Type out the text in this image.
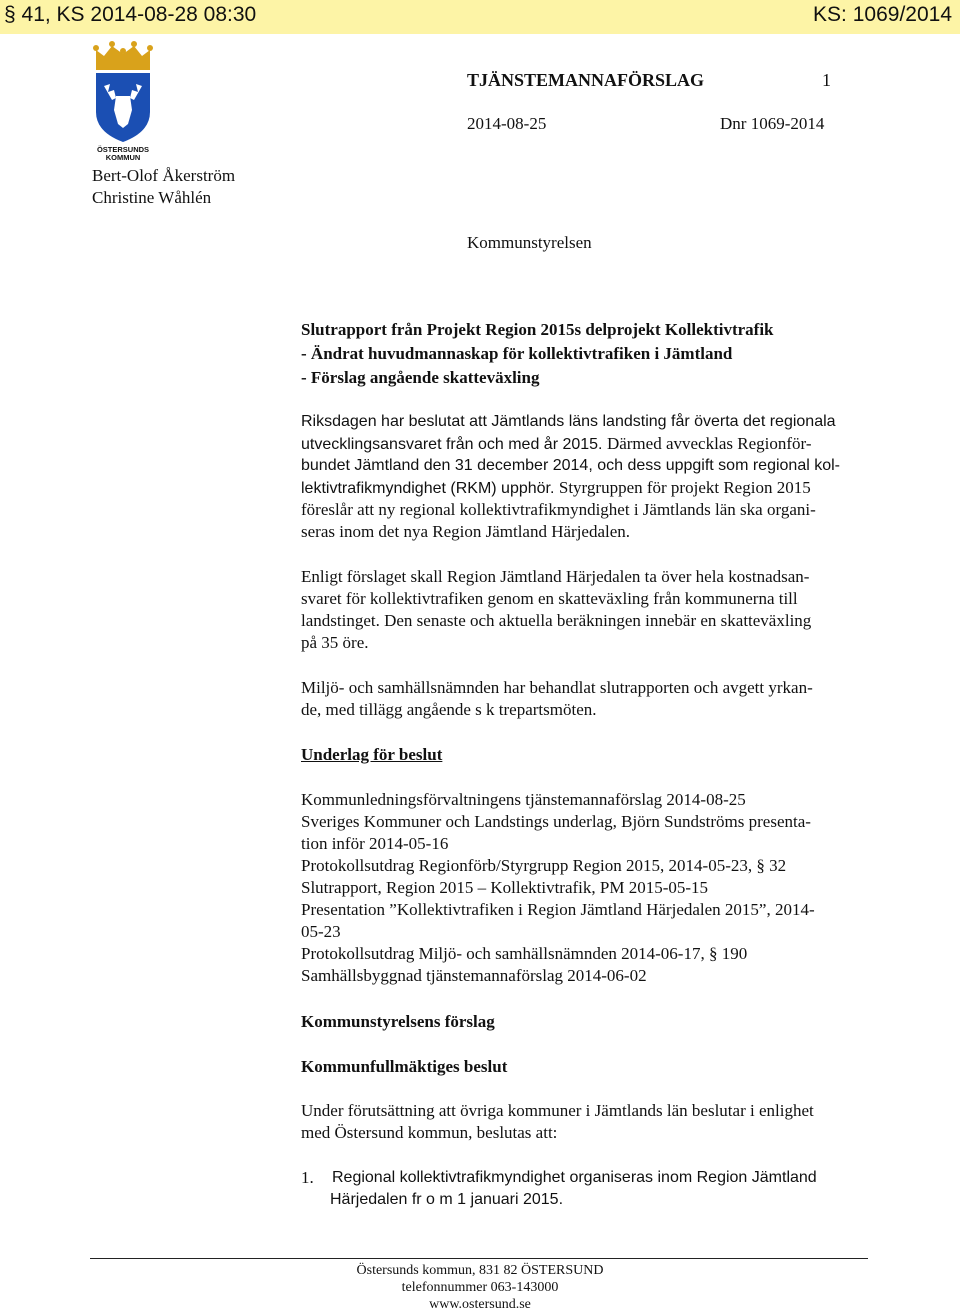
§ 41, KS 2014-08-28 08:30	KS: 1069/2014
ÖSTERSUNDS
KOMMUN
TJÄNSTEMANNAFÖRSLAG	1
2014-08-25	Dnr 1069-2014
Bert-Olof Åkerström
Christine Wåhlén
Kommunstyrelsen
Slutrapport från Projekt Region 2015s delprojekt Kollektivtrafik
- Ändrat huvudmannaskap för kollektivtrafiken i Jämtland
- Förslag angående skatteväxling
Riksdagen har beslutat att Jämtlands läns landsting får överta det regionala
utvecklingsansvaret från och med år 2015. Därmed avvecklas Regionför-
bundet Jämtland den 31 december 2014, och dess uppgift som regional kol-
lektivtrafikmyndighet (RKM) upphör. Styrgruppen för projekt Region 2015
föreslår att ny regional kollektivtrafikmyndighet i Jämtlands län ska organi-
seras inom det nya Region Jämtland Härjedalen.
Enligt förslaget skall Region Jämtland Härjedalen ta över hela kostnadsan-
svaret för kollektivtrafiken genom en skatteväxling från kommunerna till
landstinget. Den senaste och aktuella beräkningen innebär en skatteväxling
på 35 öre.
Miljö- och samhällsnämnden har behandlat slutrapporten och avgett yrkan-
de, med tillägg angående s k trepartsmöten.
Underlag för beslut
Kommunledningsförvaltningens tjänstemannaförslag 2014-08-25
Sveriges Kommuner och Landstings underlag, Björn Sundströms presenta-
tion inför 2014-05-16
Protokollsutdrag Regionförb/Styrgrupp Region 2015, 2014-05-23, § 32
Slutrapport, Region 2015 – Kollektivtrafik, PM 2015-05-15
Presentation ”Kollektivtrafiken i Region Jämtland Härjedalen 2015”, 2014-
05-23
Protokollsutdrag Miljö- och samhällsnämnden 2014-06-17, § 190
Samhällsbyggnad tjänstemannaförslag 2014-06-02
Kommunstyrelsens förslag
Kommunfullmäktiges beslut
Under förutsättning att övriga kommuner i Jämtlands län beslutar i enlighet
med Östersund kommun, beslutas att:
1. Regional kollektivtrafikmyndighet organiseras inom Region Jämtland
Härjedalen fr o m 1 januari 2015.
Östersunds kommun, 831 82 ÖSTERSUND
telefonnummer 063-143000
www.ostersund.se
